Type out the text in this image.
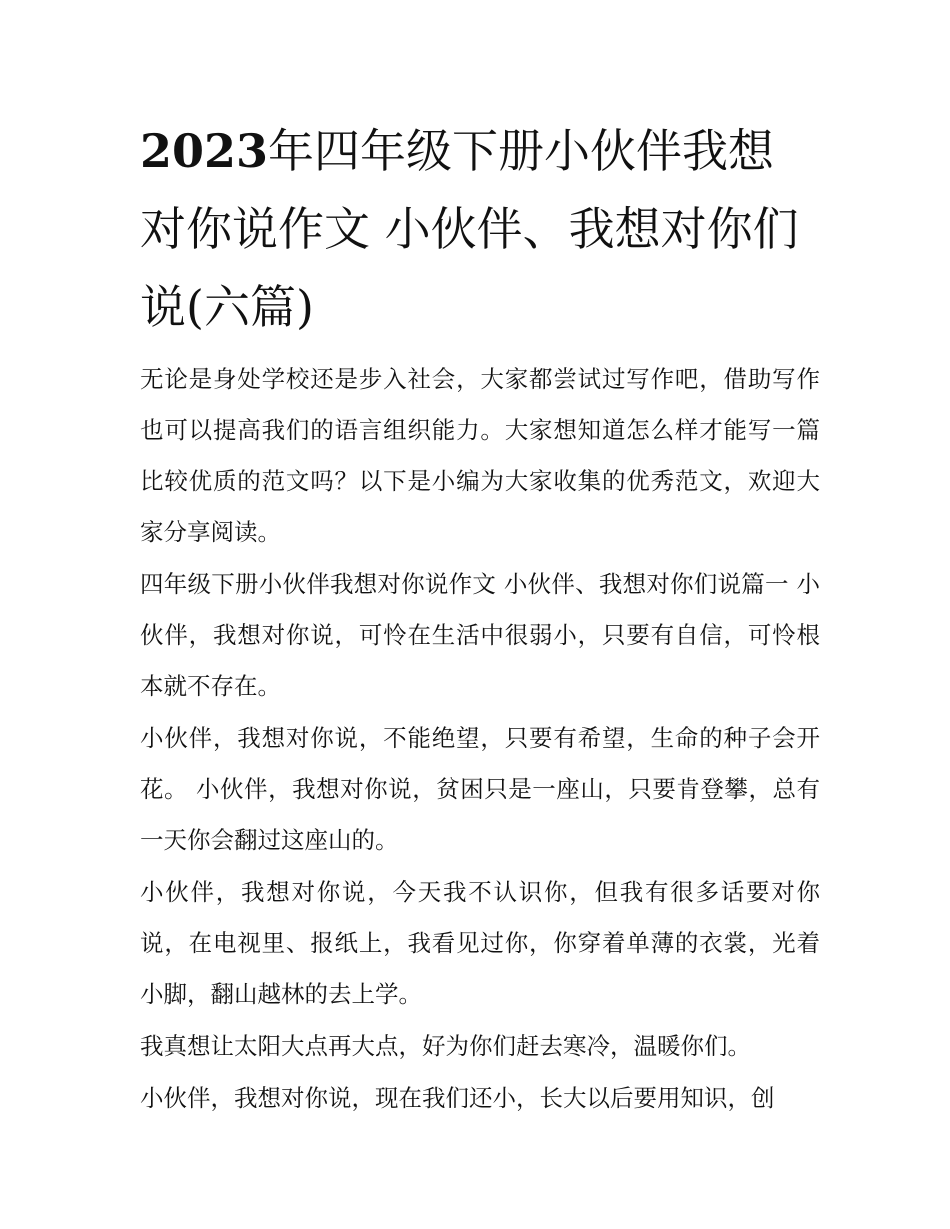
2023年四年级下册小伙伴我想对你说作文 小伙伴、我想对你们说(六篇)

无论是身处学校还是步入社会，大家都尝试过写作吧，借助写作也可以提高我们的语言组织能力。大家想知道怎么样才能写一篇比较优质的范文吗？以下是小编为大家收集的优秀范文，欢迎大家分享阅读。

四年级下册小伙伴我想对你说作文 小伙伴、我想对你们说篇一 小伙伴，我想对你说，可怜在生活中很弱小，只要有自信，可怜根本就不存在。

小伙伴，我想对你说，不能绝望，只要有希望，生命的种子会开花。 小伙伴，我想对你说，贫困只是一座山，只要肯登攀，总有一天你会翻过这座山的。

小伙伴，我想对你说，今天我不认识你，但我有很多话要对你说，在电视里、报纸上，我看见过你，你穿着单薄的衣裳，光着小脚，翻山越林的去上学。

我真想让太阳大点再大点，好为你们赶去寒冷，温暖你们。

小伙伴，我想对你说，现在我们还小，长大以后要用知识，创
